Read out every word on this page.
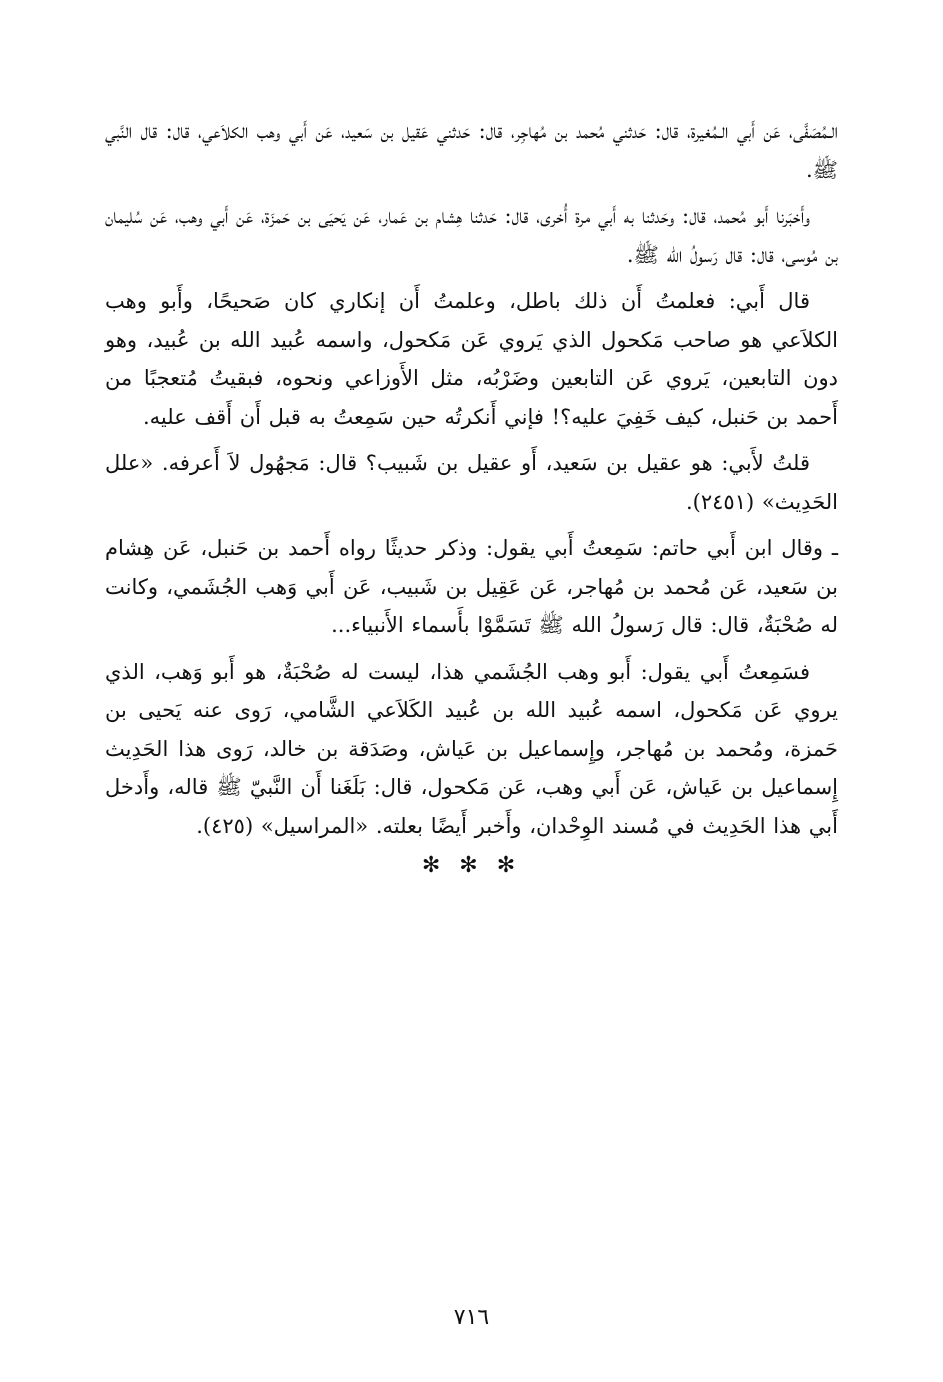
الـمُصَفَّى، عَن أَبي الـمُغيرة، قال: حَدثني مُحمد بن مُهاجِر، قال: حَدثني عَقيل بن سَعيد، عَن أَبي وهب الكلاَعي، قال: قال النَّبي ﷺ.

وأَخبَرنا أَبو مُحمد، قال: وحَدثنا به أَبي مرة أُخرى، قال: حَدثنا هِشام بن عَمار، عَن يَحيَى بن حَمزَة، عَن أَبي وهب، عَن سُليمان بن مُوسى، قال: قال رَسولُ الله ﷺ.

قال أَبي: فعلمتُ أَن ذلك باطل، وعلمتُ أَن إنكاري كان صَحيحًا، وأَبو وهب الكلاَعي هو صاحب مَكحول الذي يَروي عَن مَكحول، واسمه عُبيد الله بن عُبيد، وهو دون التابعين، يَروي عَن التابعين وضَرْبُه، مثل الأَوزاعي ونحوه، فبقيتُ مُتعجبًا من أَحمد بن حَنبل، كيف خَفِيَ عليه؟! فإني أَنكرتُه حين سَمِعتُ به قبل أَن أَقف عليه.

قلتُ لأَبي: هو عقيل بن سَعيد، أَو عقيل بن شَبيب؟ قال: مَجهُول لاَ أَعرفه. «علل الحَدِيث» (٢٤٥١).

ـ وقال ابن أَبي حاتم: سَمِعتُ أَبي يقول: وذكر حديثًا رواه أَحمد بن حَنبل، عَن هِشام بن سَعيد، عَن مُحمد بن مُهاجر، عَن عَقِيل بن شَبيب، عَن أَبي وَهب الجُشَمي، وكانت له صُحْبَةٌ، قال: قال رَسولُ الله ﷺ تَسَمَّوْا بأَسماء الأَنبياء...

فسَمِعتُ أَبي يقول: أَبو وهب الجُشَمي هذا، ليست له صُحْبَةٌ، هو أَبو وَهب، الذي يروي عَن مَكحول، اسمه عُبيد الله بن عُبيد الكَلاَعي الشَّامي، رَوى عنه يَحيى بن حَمزة، ومُحمد بن مُهاجر، وإِسماعيل بن عَياش، وصَدَقة بن خالد، رَوى هذا الحَدِيث إِسماعيل بن عَياش، عَن أَبي وهب، عَن مَكحول، قال: بَلَغَنا أَن النَّبيّ ﷺ قاله، وأَدخل أَبي هذا الحَدِيث في مُسند الوِحْدان، وأَخبر أَيضًا بعلته. «المراسيل» (٤٢٥).

✻ ✻ ✻
٧١٦
